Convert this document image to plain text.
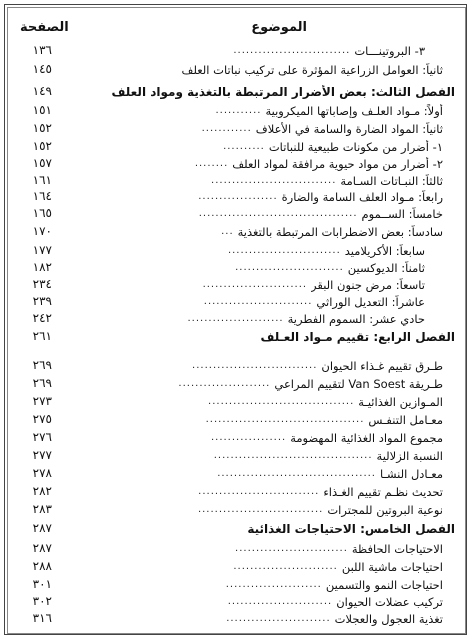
الموضوع
الصفحة
٣- البروتينـــات
............................
١٣٦
ثانياً: العوامل الزراعية المؤثرة على تركيب نباتات العلف
١٤٥
الفصل الثالث: بعض الأضرار المرتبطة بالتغذية ومواد العلف
١٤٩
أولاً: مـواد العلـف وإصاباتها الميكروبية
...........
١٥١
ثانياً: المواد الضارة والسامة في الأعلاف
............
١٥٢
١- أضرار من مكونات طبيعية للنباتات
..........
١٥٢
٢- أضرار من مواد حيوية مرافقة لمواد العلف
........
١٥٧
ثالثاً: النبـاتات السـامة
..............................
١٦١
رابعاً: مـواد العلف السامة والضارة
...................
١٦٤
خامساً: الســموم
......................................
١٦٥
سادساً: بعض الاضطرابات المرتبطة بالتغذية
...
١٧٠
سابعاً: الأكريلاميد
...........................
١٧٧
ثامناً: الديوكسين
..........................
١٨٢
تاسعاً: مرض جنون البقر
.........................
٢٣٤
عاشراً: التعديل الوراثي
..........................
٢٣٩
حادي عشر: السموم الفطرية
.......................
٢٤٢
الفصل الرابع: تقييم مـواد العـلف
٢٦١
طـرق تقييم غـذاء الحيوان
..............................
٢٦٩
طـريقة Van Soest لتقييم المراعي
......................
٢٦٩
المـوازين الغذائيـة
...................................
٢٧٣
معـامل التنفـس
......................................
٢٧٥
مجموع المواد الغذائية المهضومة
..................
٢٧٦
النسبة الزلالية
......................................
٢٧٧
معـادل النشـا
......................................
٢٧٨
تحديث نظـم تقييم الغـذاء
.............................
٢٨٢
نوعية البروتين للمجترات
..............................
٢٨٣
الفصل الخامس: الاحتياجات الغذائية
٢٨٧
الاحتياجات الحافظة
...........................
٢٨٧
احتياجات ماشية اللبن
.........................
٢٨٨
احتياجات النمو والتسمين
.......................
٣٠١
تركيب عضلات الحيوان
.........................
٣٠٢
تغذية العجول والعجلات
.........................
٣١٦
